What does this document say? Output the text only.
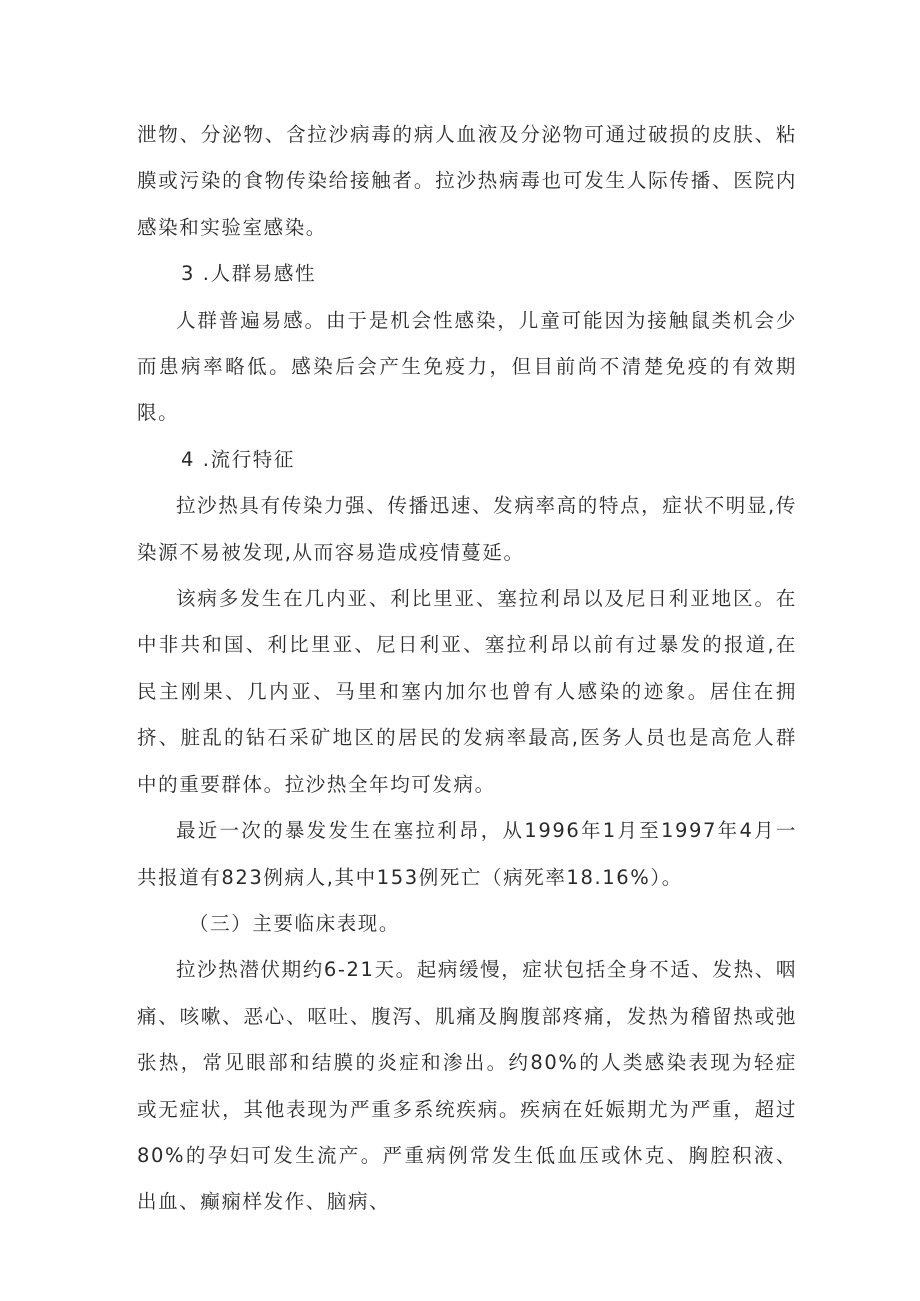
泄物、分泌物、含拉沙病毒的病人血液及分泌物可通过破损的皮肤、粘膜或污染的食物传染给接触者。拉沙热病毒也可发生人际传播、医院内感染和实验室感染。

3 .人群易感性

人群普遍易感。由于是机会性感染，儿童可能因为接触鼠类机会少而患病率略低。感染后会产生免疫力，但目前尚不清楚免疫的有效期限。

4 .流行特征

拉沙热具有传染力强、传播迅速、发病率高的特点，症状不明显,传染源不易被发现,从而容易造成疫情蔓延。

该病多发生在几内亚、利比里亚、塞拉利昂以及尼日利亚地区。在中非共和国、利比里亚、尼日利亚、塞拉利昂以前有过暴发的报道,在民主刚果、几内亚、马里和塞内加尔也曾有人感染的迹象。居住在拥挤、脏乱的钻石采矿地区的居民的发病率最高,医务人员也是高危人群中的重要群体。拉沙热全年均可发病。

最近一次的暴发发生在塞拉利昂，从1996年1月至1997年4月一共报道有823例病人,其中153例死亡（病死率18.16%）。

（三）主要临床表现。

拉沙热潜伏期约6-21天。起病缓慢，症状包括全身不适、发热、咽痛、咳嗽、恶心、呕吐、腹泻、肌痛及胸腹部疼痛，发热为稽留热或弛张热，常见眼部和结膜的炎症和渗出。约80%的人类感染表现为轻症或无症状，其他表现为严重多系统疾病。疾病在妊娠期尤为严重，超过80%的孕妇可发生流产。严重病例常发生低血压或休克、胸腔积液、出血、癫痫样发作、脑病、
